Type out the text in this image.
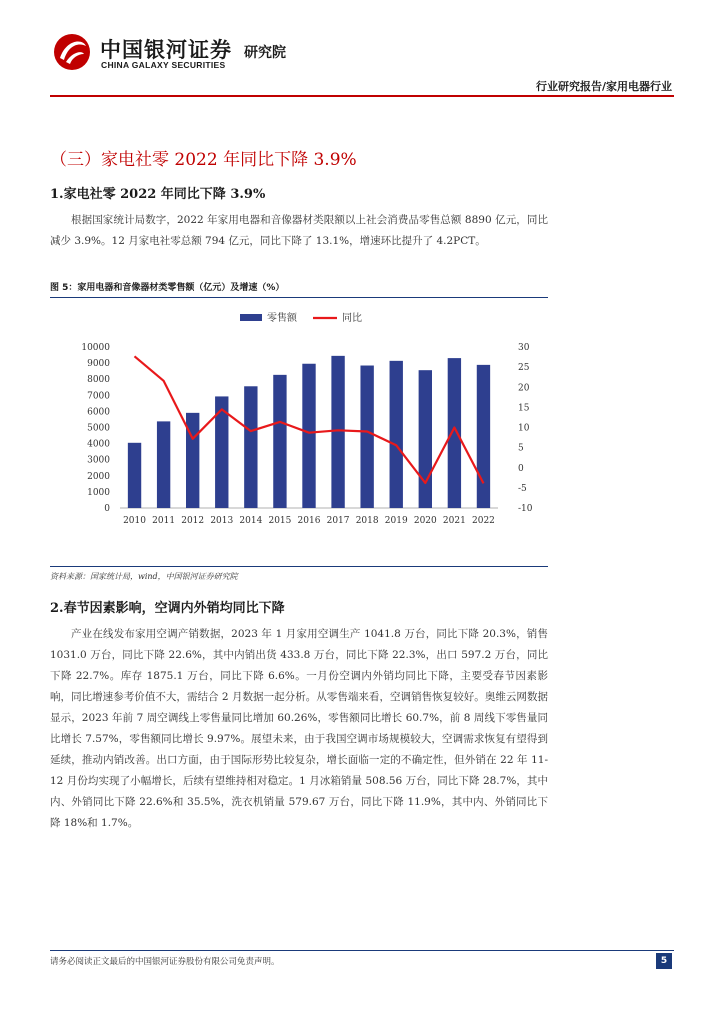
中国银河证券
CHINA GALAXY SECURITIES
研究院
行业研究报告/家用电器行业
（三）家电社零 2022 年同比下降 3.9%
1.家电社零 2022 年同比下降 3.9%

根据国家统计局数字，2022 年家用电器和音像器材类限额以上社会消费品零售总额 8890 亿元，同比减少 3.9%。12 月家电社零总额 794 亿元，同比下降了 13.1%，增速环比提升了 4.2PCT。

图 5：家用电器和音像器材类零售额（亿元）及增速（%）
0
1000
2000
3000
4000
5000
6000
7000
8000
9000
10000
-10
-5
0
5
10
15
20
25
30
2010 2011 2012 2013 2014 2015 2016 2017 2018 2019 2020 2021 2022
零售额	同比
资料来源：国家统计局，wind，中国银河证券研究院
2.春节因素影响，空调内外销均同比下降

产业在线发布家用空调产销数据，2023 年 1 月家用空调生产 1041.8 万台，同比下降 20.3%，销售 1031.0 万台，同比下降 22.6%，其中内销出货 433.8 万台，同比下降 22.3%，出口 597.2 万台，同比下降 22.7%。库存 1875.1 万台，同比下降 6.6%。一月份空调内外销均同比下降，主要受春节因素影响，同比增速参考价值不大，需结合 2 月数据一起分析。从零售端来看，空调销售恢复较好。奥维云网数据显示，2023 年前 7 周空调线上零售量同比增加 60.26%，零售额同比增长 60.7%，前 8 周线下零售量同比增长 7.57%，零售额同比增长 9.97%。展望未来，由于我国空调市场规模较大，空调需求恢复有望得到延续，推动内销改善。出口方面，由于国际形势比较复杂，增长面临一定的不确定性，但外销在 22 年 11-12 月份均实现了小幅增长，后续有望维持相对稳定。1 月冰箱销量 508.56 万台，同比下降 28.7%，其中内、外销同比下降 22.6%和 35.5%，洗衣机销量 579.67 万台，同比下降 11.9%，其中内、外销同比下降 18%和 1.7%。

请务必阅读正文最后的中国银河证券股份有限公司免责声明。	5
